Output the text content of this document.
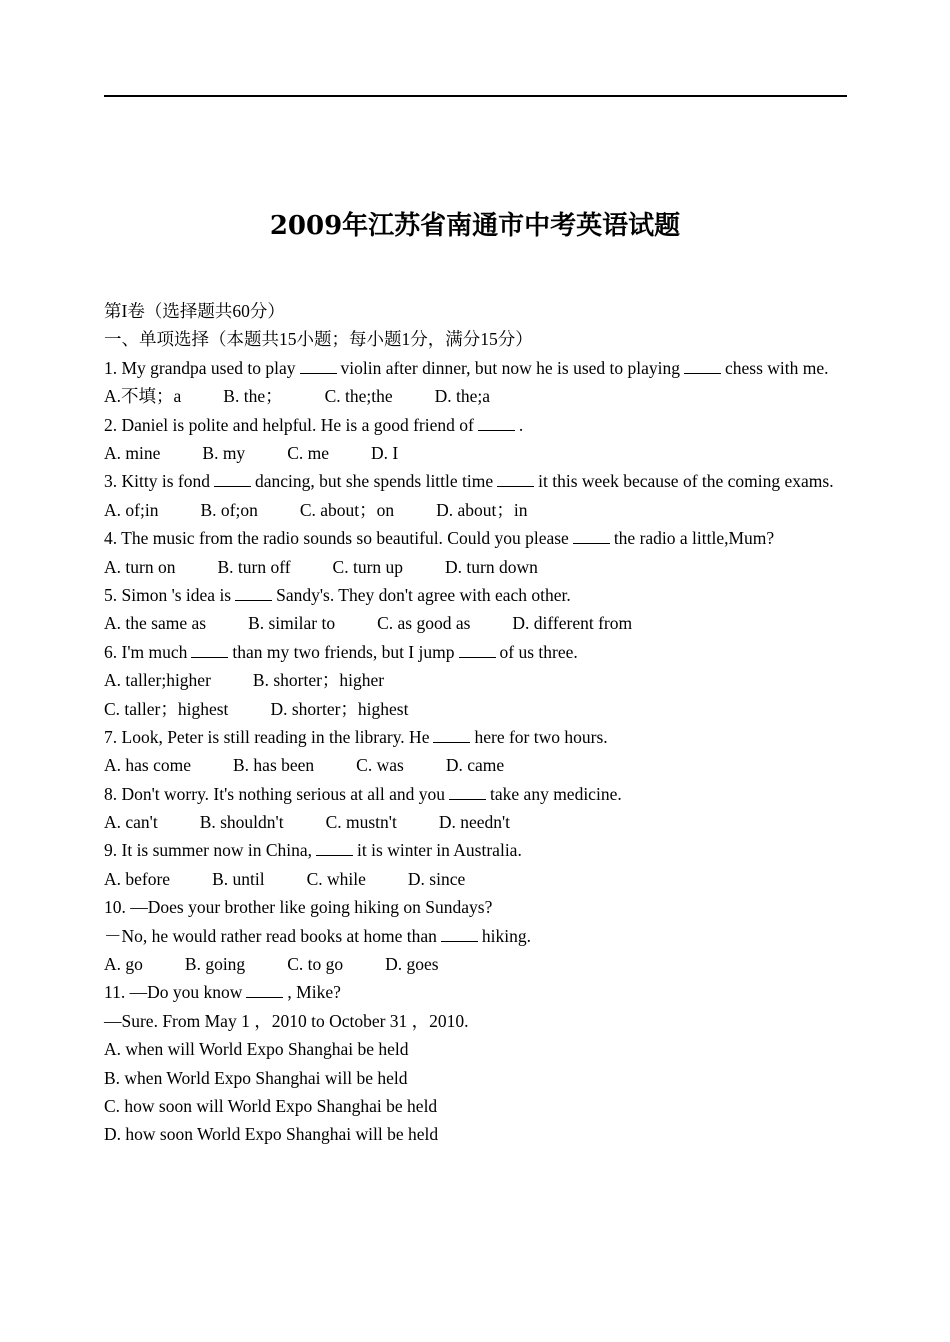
2009年江苏省南通市中考英语试题
第I卷（选择题共60分）
一、单项选择（本题共15小题；每小题1分，满分15分）
1. My grandpa used to play	violin after dinner, but now he is used to playing	chess with me.
A.不填；a B. the； C. the;the D. the;a
2. Daniel is polite and helpful. He is a good friend of	.
A. mine B. my C. me D. I
3. Kitty is fond	dancing, but she spends little time	it this week because of the coming exams.
A. of;in B. of;on C. about；on D. about；in
4. The music from the radio sounds so beautiful. Could you please	the radio a little,Mum?
A. turn on B. turn off C. turn up D. turn down
5. Simon 's idea is	Sandy's. They don't agree with each other.
A. the same as B. similar to C. as good as D. different from
6. I'm much	than my two friends, but I jump	of us three.
A. taller;higher B. shorter；higher
C. taller；highest D. shorter；highest
7. Look, Peter is still reading in the library. He	here for two hours.
A. has come B. has been C. was D. came
8. Don't worry. It's nothing serious at all and you	take any medicine.
A. can't B. shouldn't C. mustn't D. needn't
9. It is summer now in China,	it is winter in Australia.
A. before B. until C. while D. since
10. —Does your brother like going hiking on Sundays?
－No, he would rather read books at home than	hiking.
A. go B. going C. to go D. goes
11. —Do you know	, Mike?
—Sure. From May 1 ，2010 to October 31 ，2010.
A. when will World Expo Shanghai be held
B. when World Expo Shanghai will be held
C. how soon will World Expo Shanghai be held
D. how soon World Expo Shanghai will be held
